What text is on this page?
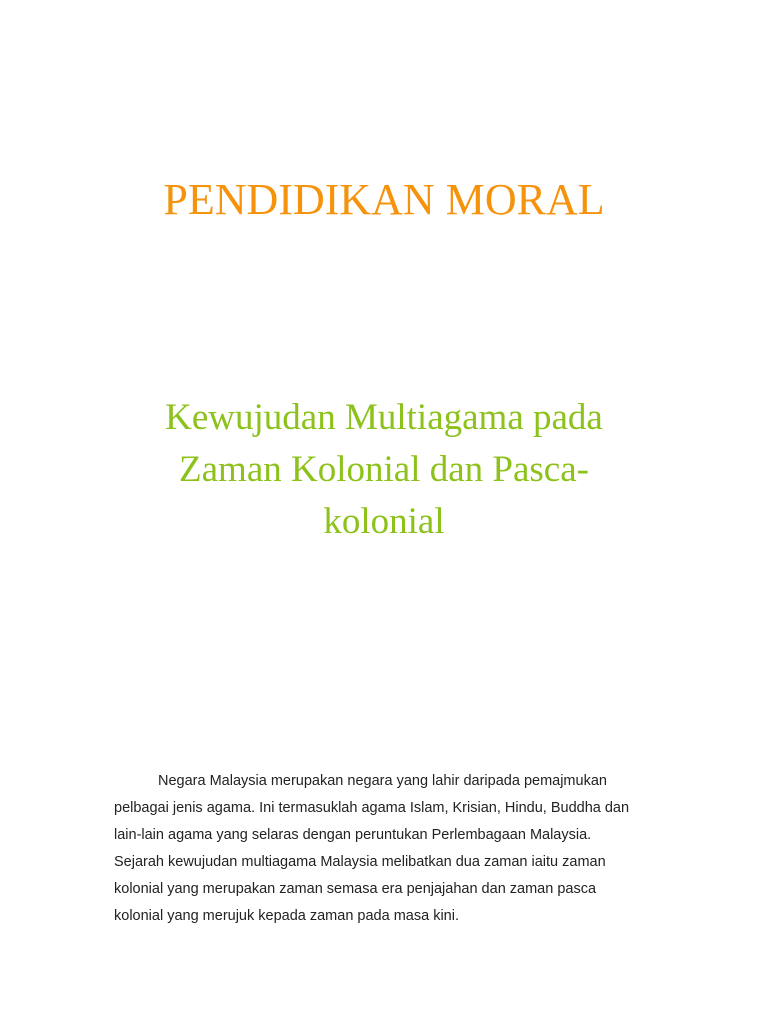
PENDIDIKAN MORAL
Kewujudan Multiagama pada
Zaman Kolonial dan Pasca-
kolonial

Negara Malaysia merupakan negara yang lahir daripada pemajmukan
pelbagai jenis agama. Ini termasuklah agama Islam, Krisian, Hindu, Buddha dan
lain-lain agama yang selaras dengan peruntukan Perlembagaan Malaysia.
Sejarah kewujudan multiagama Malaysia melibatkan dua zaman iaitu zaman
kolonial yang merupakan zaman semasa era penjajahan dan zaman pasca
kolonial yang merujuk kepada zaman pada masa kini.
